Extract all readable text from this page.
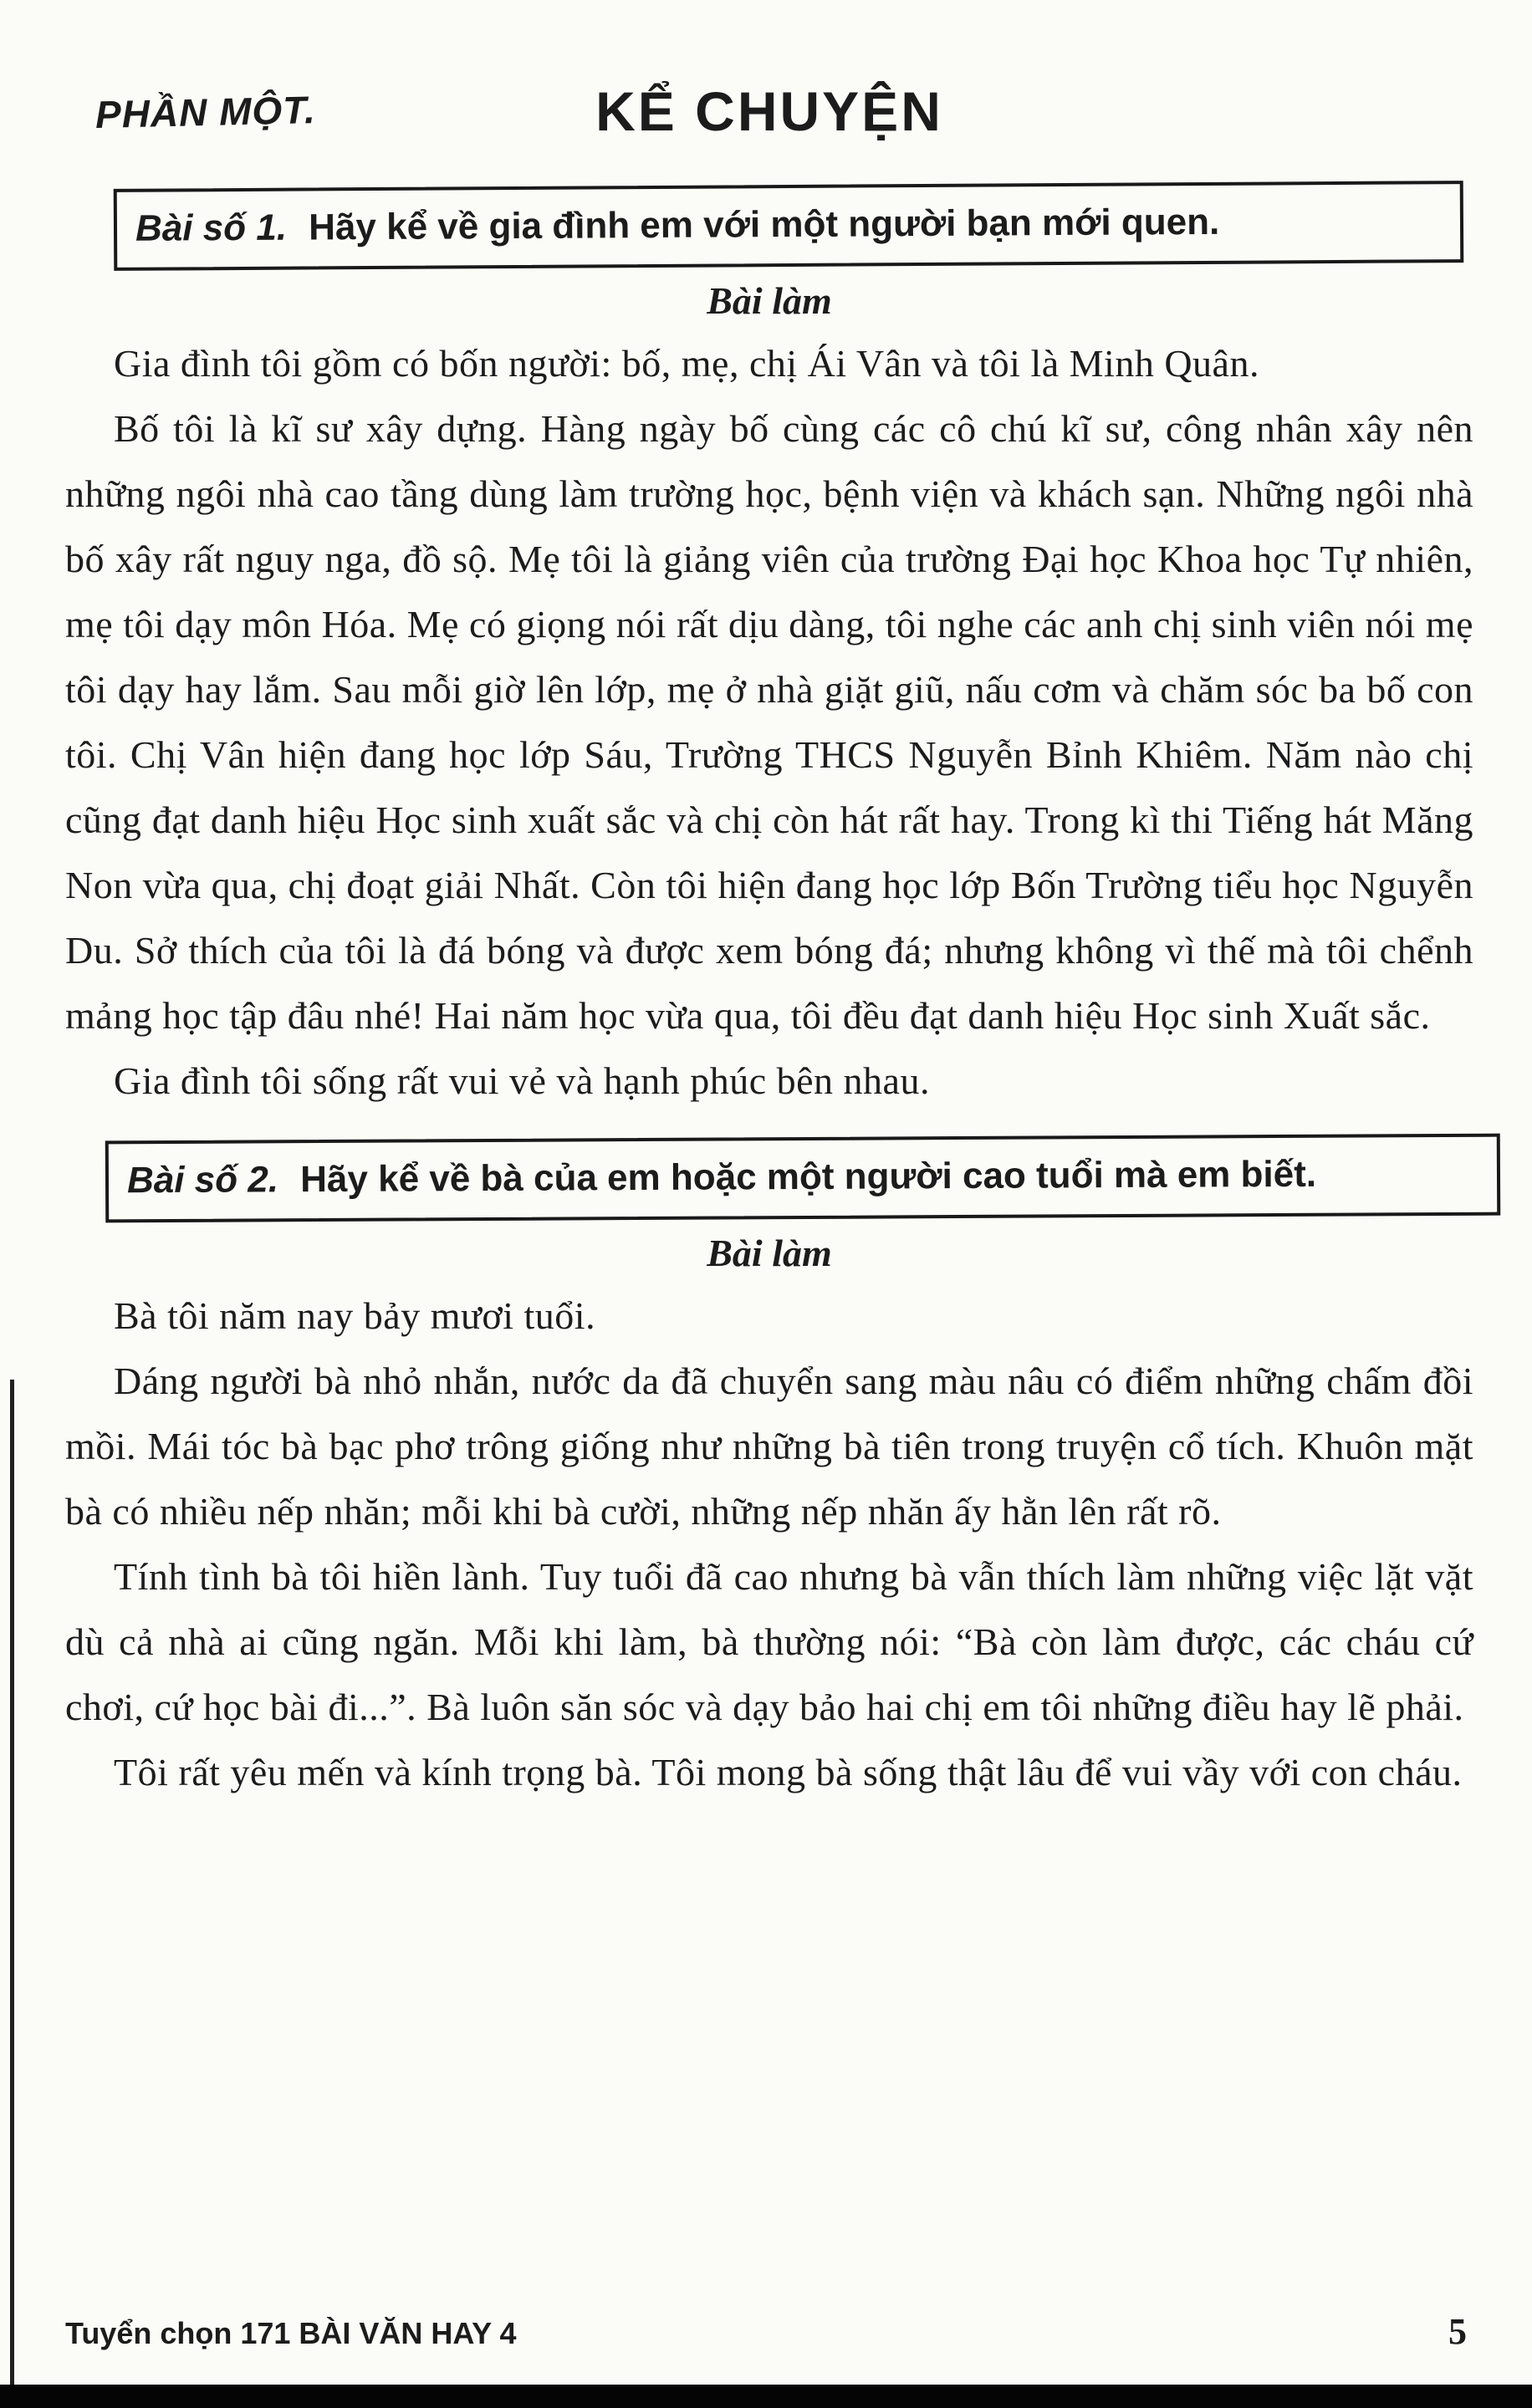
PHẦN MỘT.	KỂ CHUYỆN
Bài số 1. Hãy kể về gia đình em với một người bạn mới quen.
Bài làm

Gia đình tôi gồm có bốn người: bố, mẹ, chị Ái Vân và tôi là Minh Quân.

Bố tôi là kĩ sư xây dựng. Hàng ngày bố cùng các cô chú kĩ sư, công nhân xây nên những ngôi nhà cao tầng dùng làm trường học, bệnh viện và khách sạn. Những ngôi nhà bố xây rất nguy nga, đồ sộ. Mẹ tôi là giảng viên của trường Đại học Khoa học Tự nhiên, mẹ tôi dạy môn Hóa. Mẹ có giọng nói rất dịu dàng, tôi nghe các anh chị sinh viên nói mẹ tôi dạy hay lắm. Sau mỗi giờ lên lớp, mẹ ở nhà giặt giũ, nấu cơm và chăm sóc ba bố con tôi. Chị Vân hiện đang học lớp Sáu, Trường THCS Nguyễn Bỉnh Khiêm. Năm nào chị cũng đạt danh hiệu Học sinh xuất sắc và chị còn hát rất hay. Trong kì thi Tiếng hát Măng Non vừa qua, chị đoạt giải Nhất. Còn tôi hiện đang học lớp Bốn Trường tiểu học Nguyễn Du. Sở thích của tôi là đá bóng và được xem bóng đá; nhưng không vì thế mà tôi chểnh mảng học tập đâu nhé! Hai năm học vừa qua, tôi đều đạt danh hiệu Học sinh Xuất sắc.

Gia đình tôi sống rất vui vẻ và hạnh phúc bên nhau.

Bài số 2. Hãy kể về bà của em hoặc một người cao tuổi mà em biết.
Bài làm

Bà tôi năm nay bảy mươi tuổi.

Dáng người bà nhỏ nhắn, nước da đã chuyển sang màu nâu có điểm những chấm đồi mồi. Mái tóc bà bạc phơ trông giống như những bà tiên trong truyện cổ tích. Khuôn mặt bà có nhiều nếp nhăn; mỗi khi bà cười, những nếp nhăn ấy hằn lên rất rõ.

Tính tình bà tôi hiền lành. Tuy tuổi đã cao nhưng bà vẫn thích làm những việc lặt vặt dù cả nhà ai cũng ngăn. Mỗi khi làm, bà thường nói: “Bà còn làm được, các cháu cứ chơi, cứ học bài đi...”. Bà luôn săn sóc và dạy bảo hai chị em tôi những điều hay lẽ phải.

Tôi rất yêu mến và kính trọng bà. Tôi mong bà sống thật lâu để vui vầy với con cháu.

Tuyển chọn 171 BÀI VĂN HAY 4	5
